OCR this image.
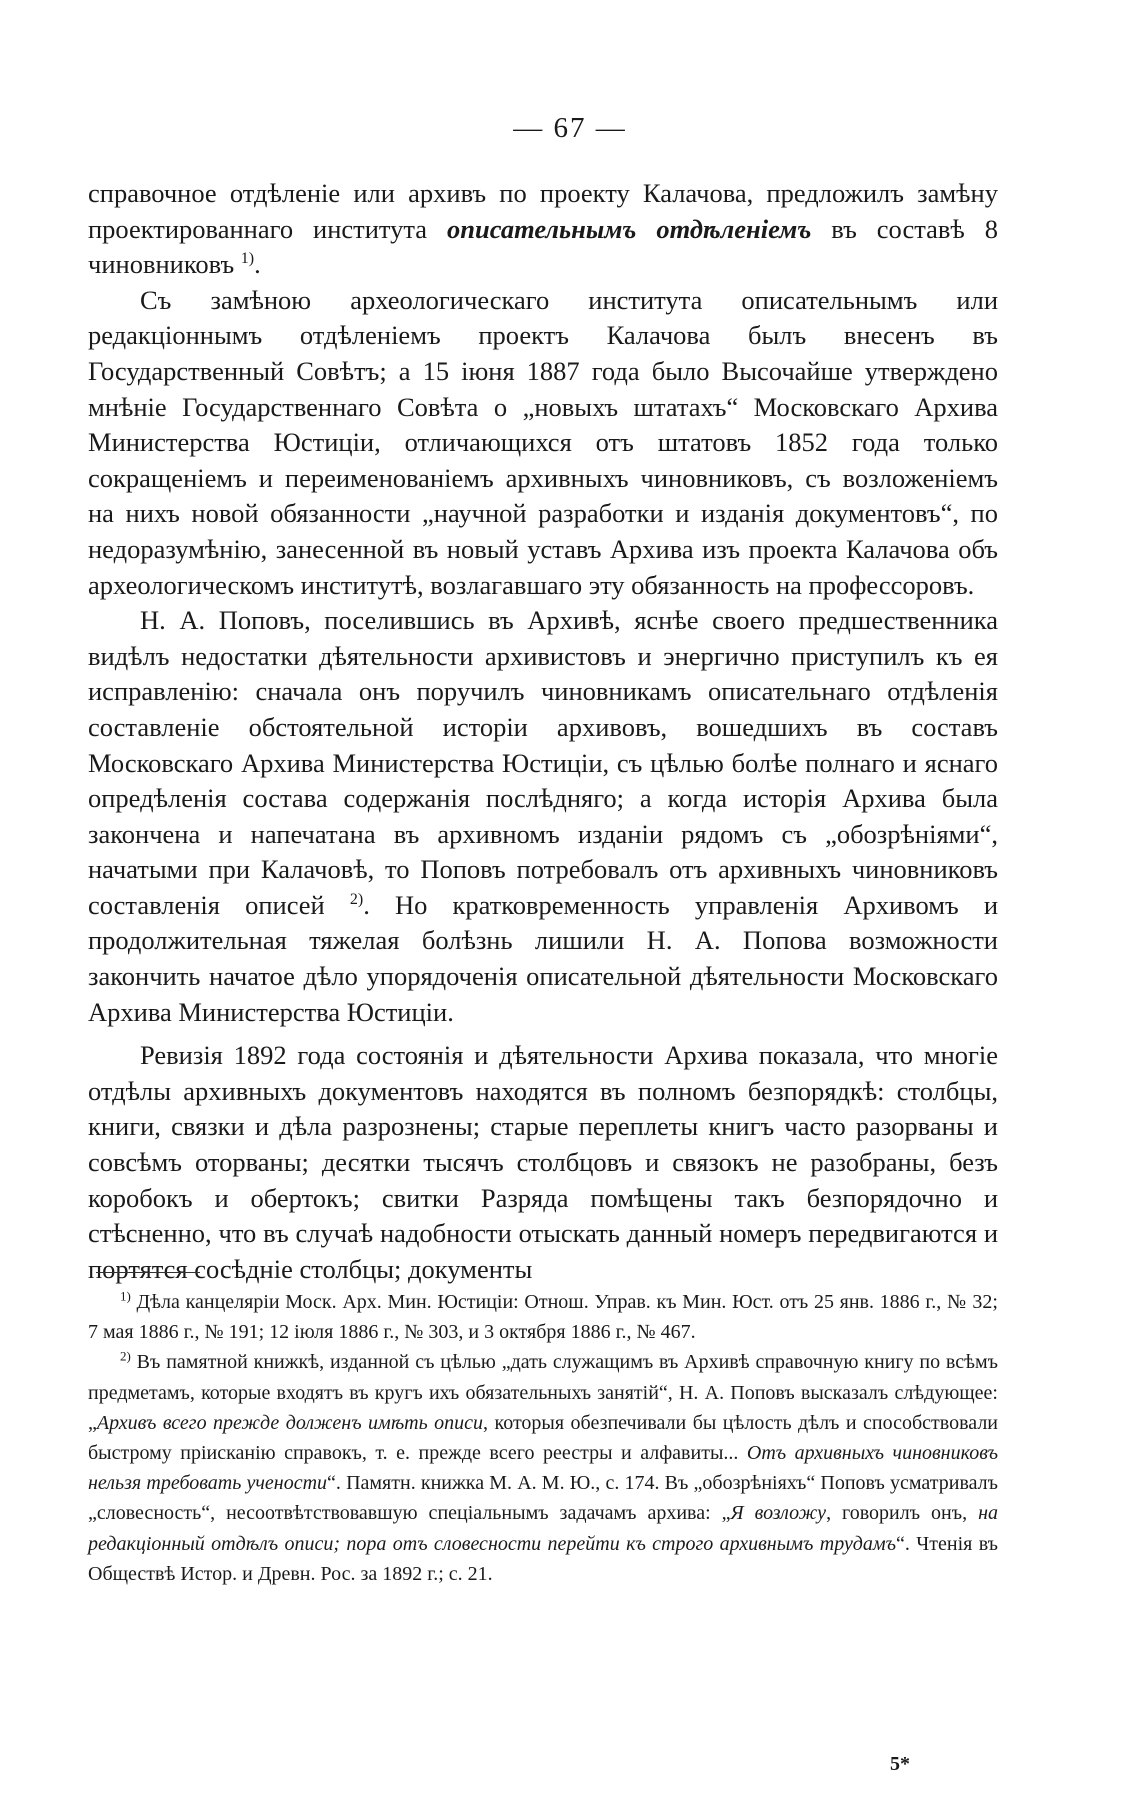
— 67 —

справочное отдѣленіе или архивъ по проекту Калачова, предложилъ замѣну проектированнаго института описательнымъ отдѣленіемъ въ составѣ 8 чиновниковъ $^{1)}$.

Съ замѣною археологическаго института описательнымъ или редакціоннымъ отдѣленіемъ проектъ Калачова былъ внесенъ въ Государственный Совѣтъ; а 15 іюня 1887 года было Высочайше утверждено мнѣніе Государственнаго Совѣта о „новыхъ штатахъ“ Московскаго Архива Министерства Юстиціи, отличающихся отъ штатовъ 1852 года только сокращеніемъ и переименованіемъ архивныхъ чиновниковъ, съ возложеніемъ на нихъ новой обязанности „научной разработки и изданія документовъ“, по недоразумѣнію, занесенной въ новый уставъ Архива изъ проекта Калачова объ археологическомъ институтѣ, возлагавшаго эту обязанность на профессоровъ.

Н. А. Поповъ, поселившись въ Архивѣ, яснѣе своего предшественника видѣлъ недостатки дѣятельности архивистовъ и энергично приступилъ къ ея исправленію: сначала онъ поручилъ чиновникамъ описательнаго отдѣленія составленіе обстоятельной исторіи архивовъ, вошедшихъ въ составъ Московскаго Архива Министерства Юстиціи, съ цѣлью болѣе полнаго и яснаго опредѣленія состава содержанія послѣдняго; а когда исторія Архива была закончена и напечатана въ архивномъ изданіи рядомъ съ „обозрѣніями“, начатыми при Калачовѣ, то Поповъ потребовалъ отъ архивныхъ чиновниковъ составленія описей $^{2)}$. Но кратковременность управленія Архивомъ и продолжительная тяжелая болѣзнь лишили Н. А. Попова возможности закончить начатое дѣло упорядоченія описательной дѣятельности Московскаго Архива Министерства Юстиціи.

Ревизія 1892 года состоянія и дѣятельности Архива показала, что многіе отдѣлы архивныхъ документовъ находятся въ полномъ безпорядкѣ: столбцы, книги, связки и дѣла разрознены; старые переплеты книгъ часто разорваны и совсѣмъ оторваны; десятки тысячъ столбцовъ и связокъ не разобраны, безъ коробокъ и обертокъ; свитки Разряда помѣщены такъ безпорядочно и стѣсненно, что въ случаѣ надобности отыскать данный номеръ передвигаются и портятся сосѣдніе столбцы; документы

$^{1)}$ Дѣла канцеляріи Моск. Арх. Мин. Юстиціи: Отнош. Управ. къ Мин. Юст. отъ 25 янв. 1886 г., № 32; 7 мая 1886 г., № 191; 12 іюля 1886 г., № 303, и 3 октября 1886 г., № 467.

$^{2)}$ Въ памятной книжкѣ, изданной съ цѣлью „дать служащимъ въ Архивѣ справочную книгу по всѣмъ предметамъ, которые входятъ въ кругъ ихъ обязательныхъ занятій“, Н. А. Поповъ высказалъ слѣдующее: „Архивъ всего прежде долженъ имѣть описи, которыя обезпечивали бы цѣлость дѣлъ и способствовали быстрому пріисканію справокъ, т. е. прежде всего реестры и алфавиты... Отъ архивныхъ чиновниковъ нельзя требовать учености“. Памятн. книжка М. А. М. Ю., с. 174. Въ „обозрѣніяхъ“ Поповъ усматривалъ „словесность“, несоотвѣтствовавшую спеціальнымъ задачамъ архива: „Я возложу, говорилъ онъ, на редакціонный отдѣлъ описи; пора отъ словесности перейти къ строго архивнымъ трудамъ“. Чтенія въ Обществѣ Истор. и Древн. Рос. за 1892 г.; с. 21.

5*
